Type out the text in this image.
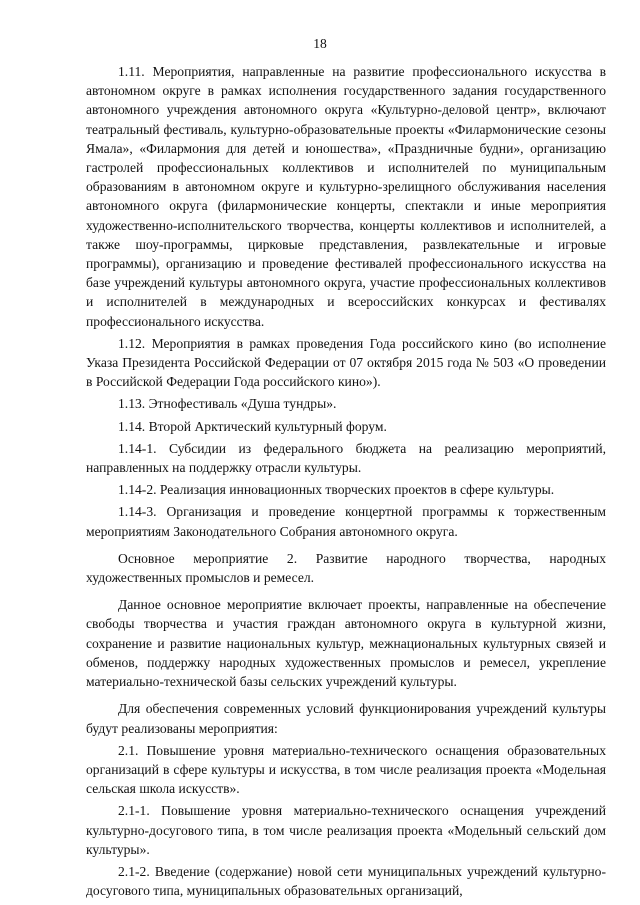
18

1.11. Мероприятия, направленные на развитие профессионального искусства в автономном округе в рамках исполнения государственного задания государственного автономного учреждения автономного округа «Культурно-деловой центр», включают театральный фестиваль, культурно-образовательные проекты «Филармонические сезоны Ямала», «Филармония для детей и юношества», «Праздничные будни», организацию гастролей профессиональных коллективов и исполнителей по муниципальным образованиям в автономном округе и культурно-зрелищного обслуживания населения автономного округа (филармонические концерты, спектакли и иные мероприятия художественно-исполнительского творчества, концерты коллективов и исполнителей, а также шоу-программы, цирковые представления, развлекательные и игровые программы), организацию и проведение фестивалей профессионального искусства на базе учреждений культуры автономного округа, участие профессиональных коллективов и исполнителей в международных и всероссийских конкурсах и фестивалях профессионального искусства.

1.12. Мероприятия в рамках проведения Года российского кино (во исполнение Указа Президента Российской Федерации от 07 октября 2015 года № 503 «О проведении в Российской Федерации Года российского кино»).

1.13. Этнофестиваль «Душа тундры».

1.14. Второй Арктический культурный форум.

1.14-1. Субсидии из федерального бюджета на реализацию мероприятий, направленных на поддержку отрасли культуры.

1.14-2. Реализация инновационных творческих проектов в сфере культуры.

1.14-3. Организация и проведение концертной программы к торжественным мероприятиям Законодательного Собрания автономного округа.

Основное мероприятие 2. Развитие народного творчества, народных художественных промыслов и ремесел.

Данное основное мероприятие включает проекты, направленные на обеспечение свободы творчества и участия граждан автономного округа в культурной жизни, сохранение и развитие национальных культур, межнациональных культурных связей и обменов, поддержку народных художественных промыслов и ремесел, укрепление материально-технической базы сельских учреждений культуры.

Для обеспечения современных условий функционирования учреждений культуры будут реализованы мероприятия:

2.1. Повышение уровня материально-технического оснащения образовательных организаций в сфере культуры и искусства, в том числе реализация проекта «Модельная сельская школа искусств».

2.1-1. Повышение уровня материально-технического оснащения учреждений культурно-досугового типа, в том числе реализация проекта «Модельный сельский дом культуры».

2.1-2. Введение (содержание) новой сети муниципальных учреждений культурно-досугового типа, муниципальных образовательных организаций,
